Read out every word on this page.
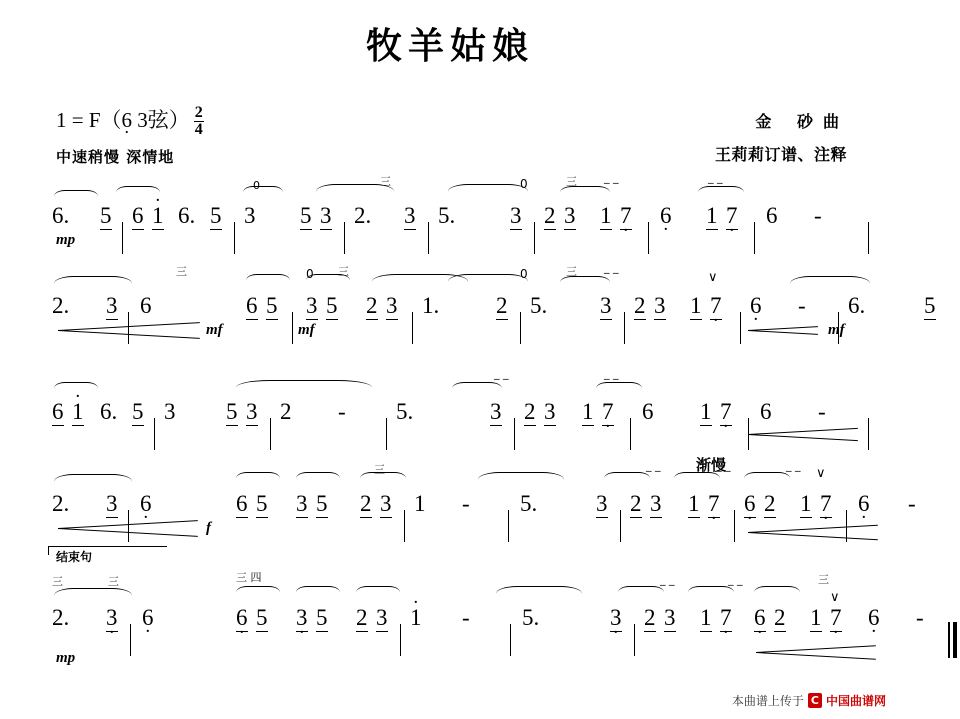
牧羊姑娘
1 = F（6 · 3弦） $\frac{2}{4}$
中速稍慢 深情地
金 砂曲
王莉莉订谱、注释
0	三	0	三 ‾ ‾	‾ ‾
6. 5 6 · 1 6. 5 3 5 3 2. 3 5. 3 2 3 1 7 · 6 · 1 7 · 6 -
mp
三	0 三	0	三 ‾ ‾	∨
2. 3 6	6 5 3 5 2 3 1. 2 5. 3 2 3 1 7 · 6 · - 6.	5
mf	mf	mf
‾ ‾	‾ ‾
6 · 1 6. 5 3 5 3 2 - 5.	3 2 3 1 7 · 6 1 7 · 6 -
三	‾ ‾	‾ ‾	‾ ‾ ∨
2. 3 6 ·	6 5 3 5 2 3 1 - 5.	3 2 3 1 7 · 6 · 2 1 7 · 6 · -
f
结束句
渐慢
三	三	三 四
‾ ‾	‾ ‾
三
∨
2. 3 · 6 ·	6 · 5 3 · 5 2 3 · 1 - 5.	3 · 2 3 1 7 · 6 · 2 1 7 · 6 · -
mp
本曲谱上传于 C 中国曲谱网
